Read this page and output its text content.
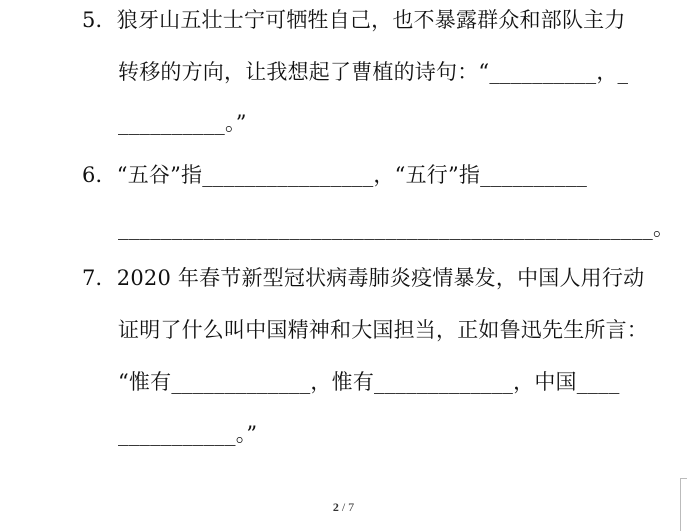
5．狼牙山五壮士宁可牺牲自己，也不暴露群众和部队主力
转移的方向，让我想起了曹植的诗句：“__________，_
__________。”
6．“五谷”指________________，“五行”指__________
__________________________________________________。
7．2020 年春节新型冠状病毒肺炎疫情暴发，中国人用行动
证明了什么叫中国精神和大国担当，正如鲁迅先生所言：
“惟有_____________，惟有_____________，中国____
___________。”
2 / 7
